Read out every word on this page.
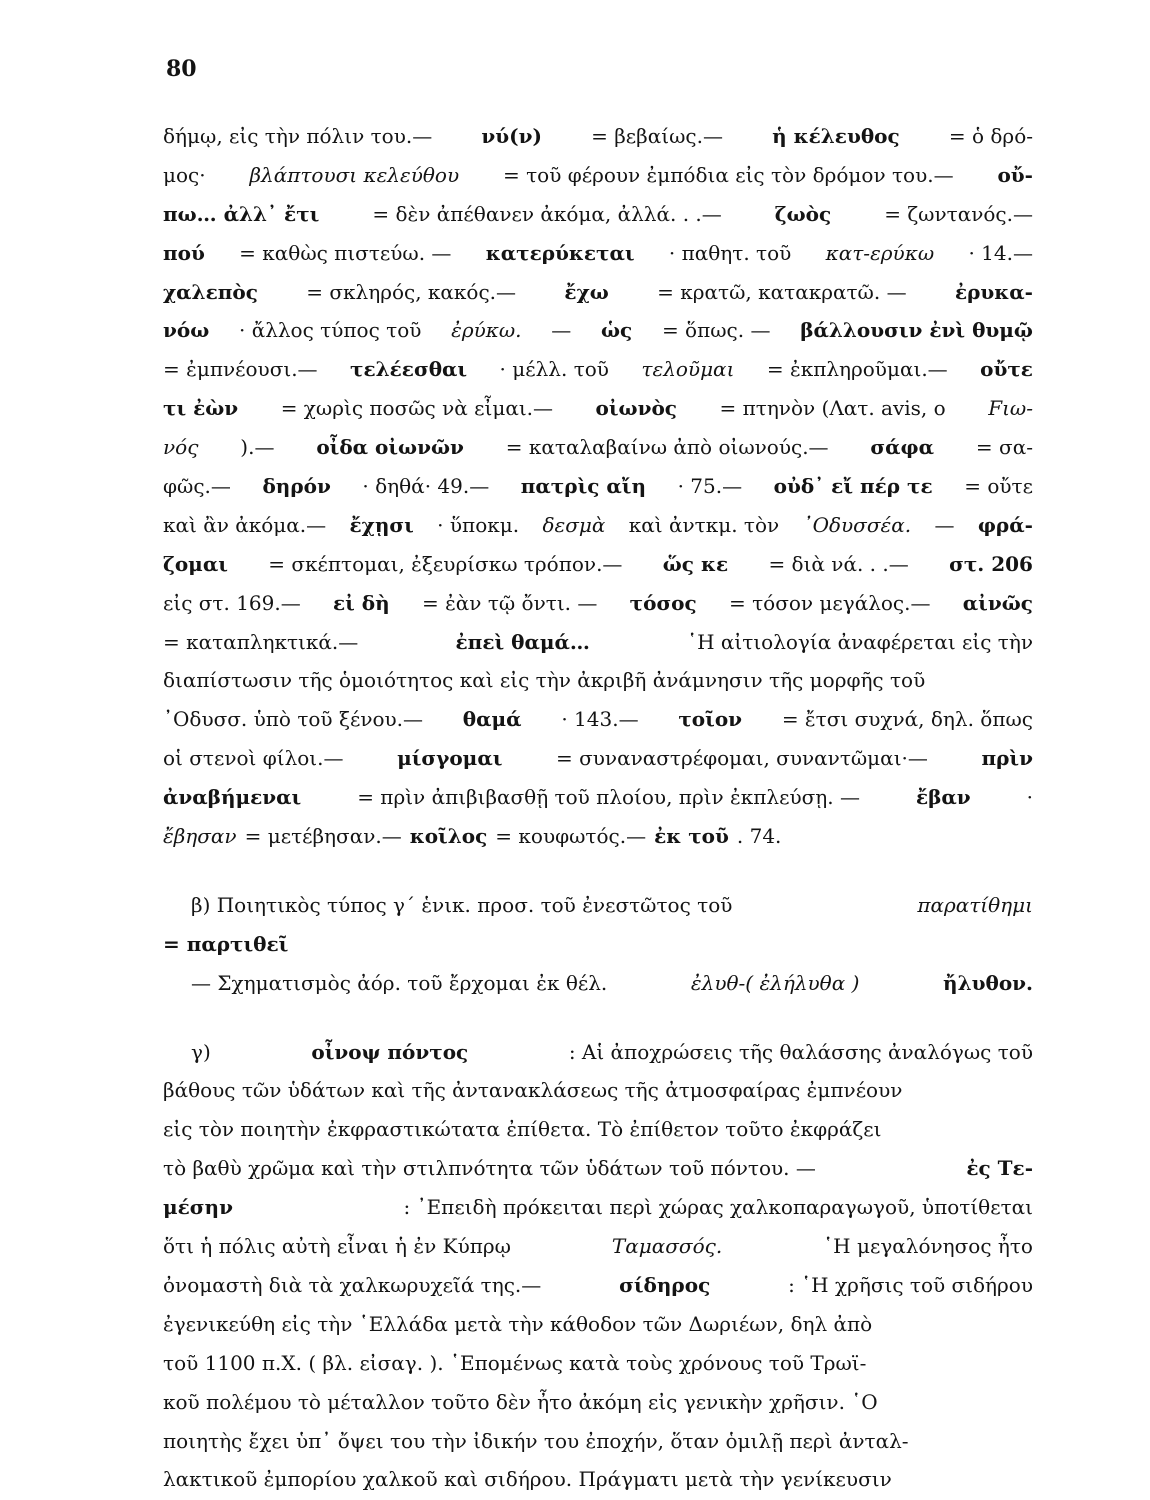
80
δήμῳ, εἰς τὴν πόλιν του.— νύ(ν) = βεβαίως.— ἡ κέλευθος = ὁ δρό-
μος· βλάπτουσι κελεύθου = τοῦ φέρουν ἐμπόδια εἰς τὸν δρόμον του.— οὔ-
πω… ἀλλ᾽ ἔτι	= δὲν ἀπέθανεν ἀκόμα, ἀλλά. . .—	ζωὸς	= ζωντανός.—
πού = καθὼς πιστεύω. — κατερύκεται · παθητ. τοῦ κατ-ερύκω · 14.—
χαλεπὸς = σκληρός, κακός.— ἔχω = κρατῶ, κατακρατῶ. — ἐρυκα-
νόω · ἄλλος τύπος τοῦ ἐρύκω. — ὡς = ὅπως. — βάλλουσιν ἐνὶ θυμῷ
= ἐμπνέουσι.— τελέεσθαι · μέλλ. τοῦ τελοῦμαι = ἐκπληροῦμαι.— οὔτε
τι ἐὼν = χωρὶς ποσῶς νὰ εἶμαι.— οἰωνὸς = πτηνὸν (Λατ. avis, ο Fιω-
νός ).— οἶδα οἰωνῶν = καταλαβαίνω ἀπὸ οἰωνούς.— σάφα = σα-
φῶς.— δηρόν · δηθά· 49.— πατρὶς αἴη · 75.— οὐδ᾽ εἴ πέρ τε = οὔτε
καὶ ἂν ἀκόμα.— ἔχῃσι · ὕποκμ. δεσμὰ καὶ ἀντκμ. τὸν ᾽Οδυσσέα. — φρά-
ζομαι = σκέπτομαι, ἐξευρίσκω τρόπον.— ὥς κε = διὰ νά. . .— στ. 206
εἰς στ. 169.— εἰ δὴ = ἐὰν τῷ ὄντι. — τόσος = τόσον μεγάλος.— αἰνῶς
= καταπληκτικά.—	ἐπεὶ θαμά…	῾Η αἰτιολογία ἀναφέρεται εἰς τὴν
διαπίστωσιν τῆς ὁμοιότητος καὶ εἰς τὴν ἀκριβῆ ἀνάμνησιν τῆς μορφῆς τοῦ
᾽Οδυσσ. ὑπὸ τοῦ ξένου.— θαμά · 143.— τοῖον = ἔτσι συχνά, δηλ. ὅπως
οἱ στενοὶ φίλοι.—	μίσγομαι	= συναναστρέφομαι, συναντῶμαι·—	πρὶν
ἀναβήμεναι	= πρὶν ἀπιβιβασθῇ τοῦ πλοίου, πρὶν ἐκπλεύσῃ. —	ἔβαν	·
ἔβησαν = μετέβησαν.— κοῖλος = κουφωτός.— ἐκ τοῦ . 74.
β) Ποιητικὸς τύπος γ΄ ἑνικ. προσ. τοῦ ἐνεστῶτος τοῦ	παρατίθημι
= παρτιθεῖ
— Σχηματισμὸς ἀόρ. τοῦ ἔρχομαι ἐκ θέλ.	ἐλυθ-( ἐλήλυθα )	ἤλυθον.
γ)	οἶνοψ πόντος	: Αἱ ἀποχρώσεις τῆς θαλάσσης ἀναλόγως τοῦ
βάθους τῶν ὑδάτων καὶ τῆς ἀντανακλάσεως τῆς ἀτμοσφαίρας ἐμπνέουν
εἰς τὸν ποιητὴν ἐκφραστικώτατα ἐπίθετα. Τὸ ἐπίθετον τοῦτο ἐκφράζει
τὸ βαθὺ χρῶμα καὶ τὴν στιλπνότητα τῶν ὑδάτων τοῦ πόντου. —	ἐς Τε-
μέσην	: ᾽Επειδὴ πρόκειται περὶ χώρας χαλκοπαραγωγοῦ, ὑποτίθεται
ὅτι ἡ πόλις αὐτὴ εἶναι ἡ ἐν Κύπρῳ	Ταμασσός.	῾Η μεγαλόνησος ἦτο
ὀνομαστὴ διὰ τὰ χαλκωρυχεῖά της.—	σίδηρος	: ῾Η χρῆσις τοῦ σιδήρου
ἐγενικεύθη εἰς τὴν ῾Ελλάδα μετὰ τὴν κάθοδον τῶν Δωριέων, δηλ ἀπὸ
τοῦ 1100 π.Χ. ( βλ. εἰσαγ. ). ῾Επομένως κατὰ τοὺς χρόνους τοῦ Τρωϊ-
κοῦ πολέμου τὸ μέταλλον τοῦτο δὲν ἦτο ἀκόμη εἰς γενικὴν χρῆσιν. ῾Ο
ποιητὴς ἔχει ὑπ᾽ ὄψει του τὴν ἰδικήν του ἐποχήν, ὅταν ὁμιλῇ περὶ ἀνταλ-
λακτικοῦ ἐμπορίου χαλκοῦ καὶ σιδήρου. Πράγματι μετὰ τὴν γενίκευσιν
